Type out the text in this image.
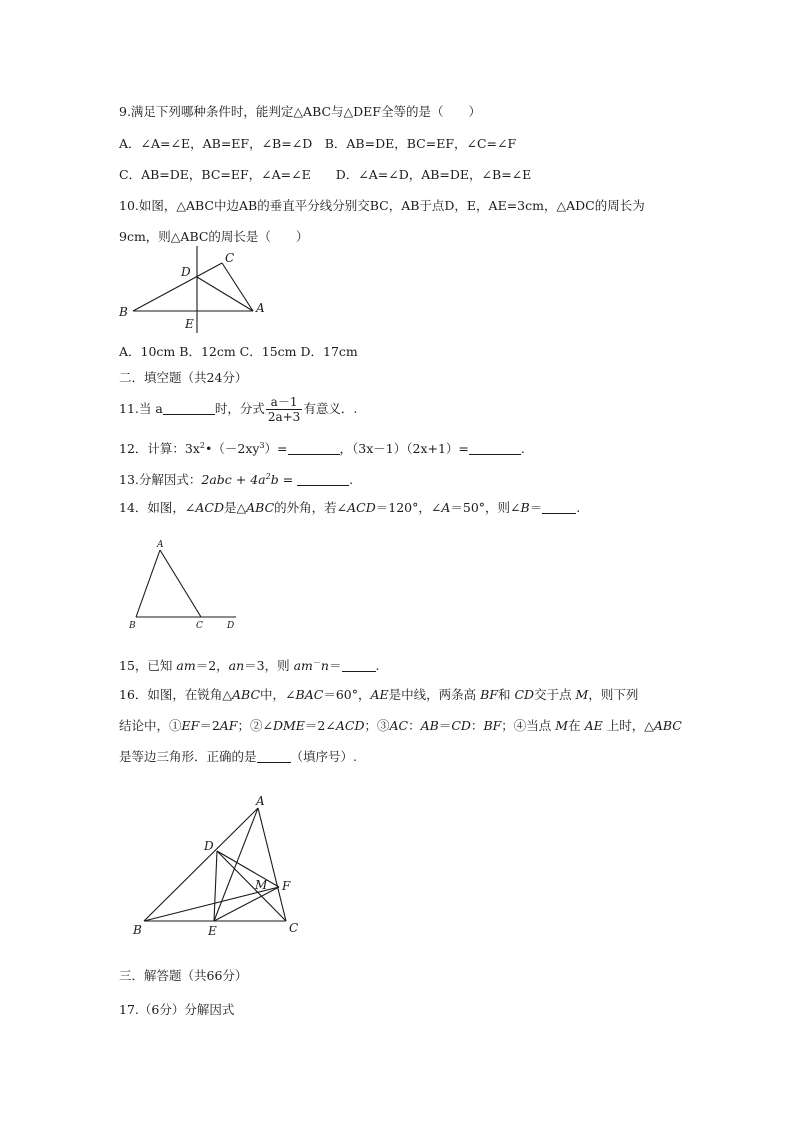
9.满足下列哪种条件时，能判定△ABC与△DEF全等的是（　　）
A．∠A=∠E，AB=EF，∠B=∠D　B．AB=DE，BC=EF，∠C=∠F
C．AB=DE，BC=EF，∠A=∠E　　D．∠A=∠D，AB=DE，∠B=∠E
10.如图，△ABC中边AB的垂直平分线分别交BC，AB于点D，E，AE=3cm，△ADC的周长为
9cm，则△ABC的周长是（　　）
B
C
D
E
A
A．10cm B．12cm C．15cm D．17cm
二．填空题（共24分）
11.当 a	时，分式 $\frac{a-1}{2a+3}$ 有意义．.
12．计算：$3x^2•(-2xy^3)=$	，（3x－1）（2x+1）=	.
13.分解因式：$2abc + 4a^2b$ =	.
14．如图，∠ACD是△ABC的外角，若∠ACD＝120°，∠A＝50°，则∠B＝	.
A
B	C	D
15，已知 am＝2，an＝3，则 am－n＝	.
16．如图，在锐角△ABC中，∠BAC＝60°，AE是中线，两条高 BF和 CD交于点 M，则下列
结论中，①EF＝2AF；②∠DME＝2∠ACD；③AC：AB＝CD：BF；④当点 M在 AE 上时，△ABC
是等边三角形．正确的是	（填序号）.
A
D
M F
B	E	C
三．解答题（共66分）
17.（6分）分解因式
